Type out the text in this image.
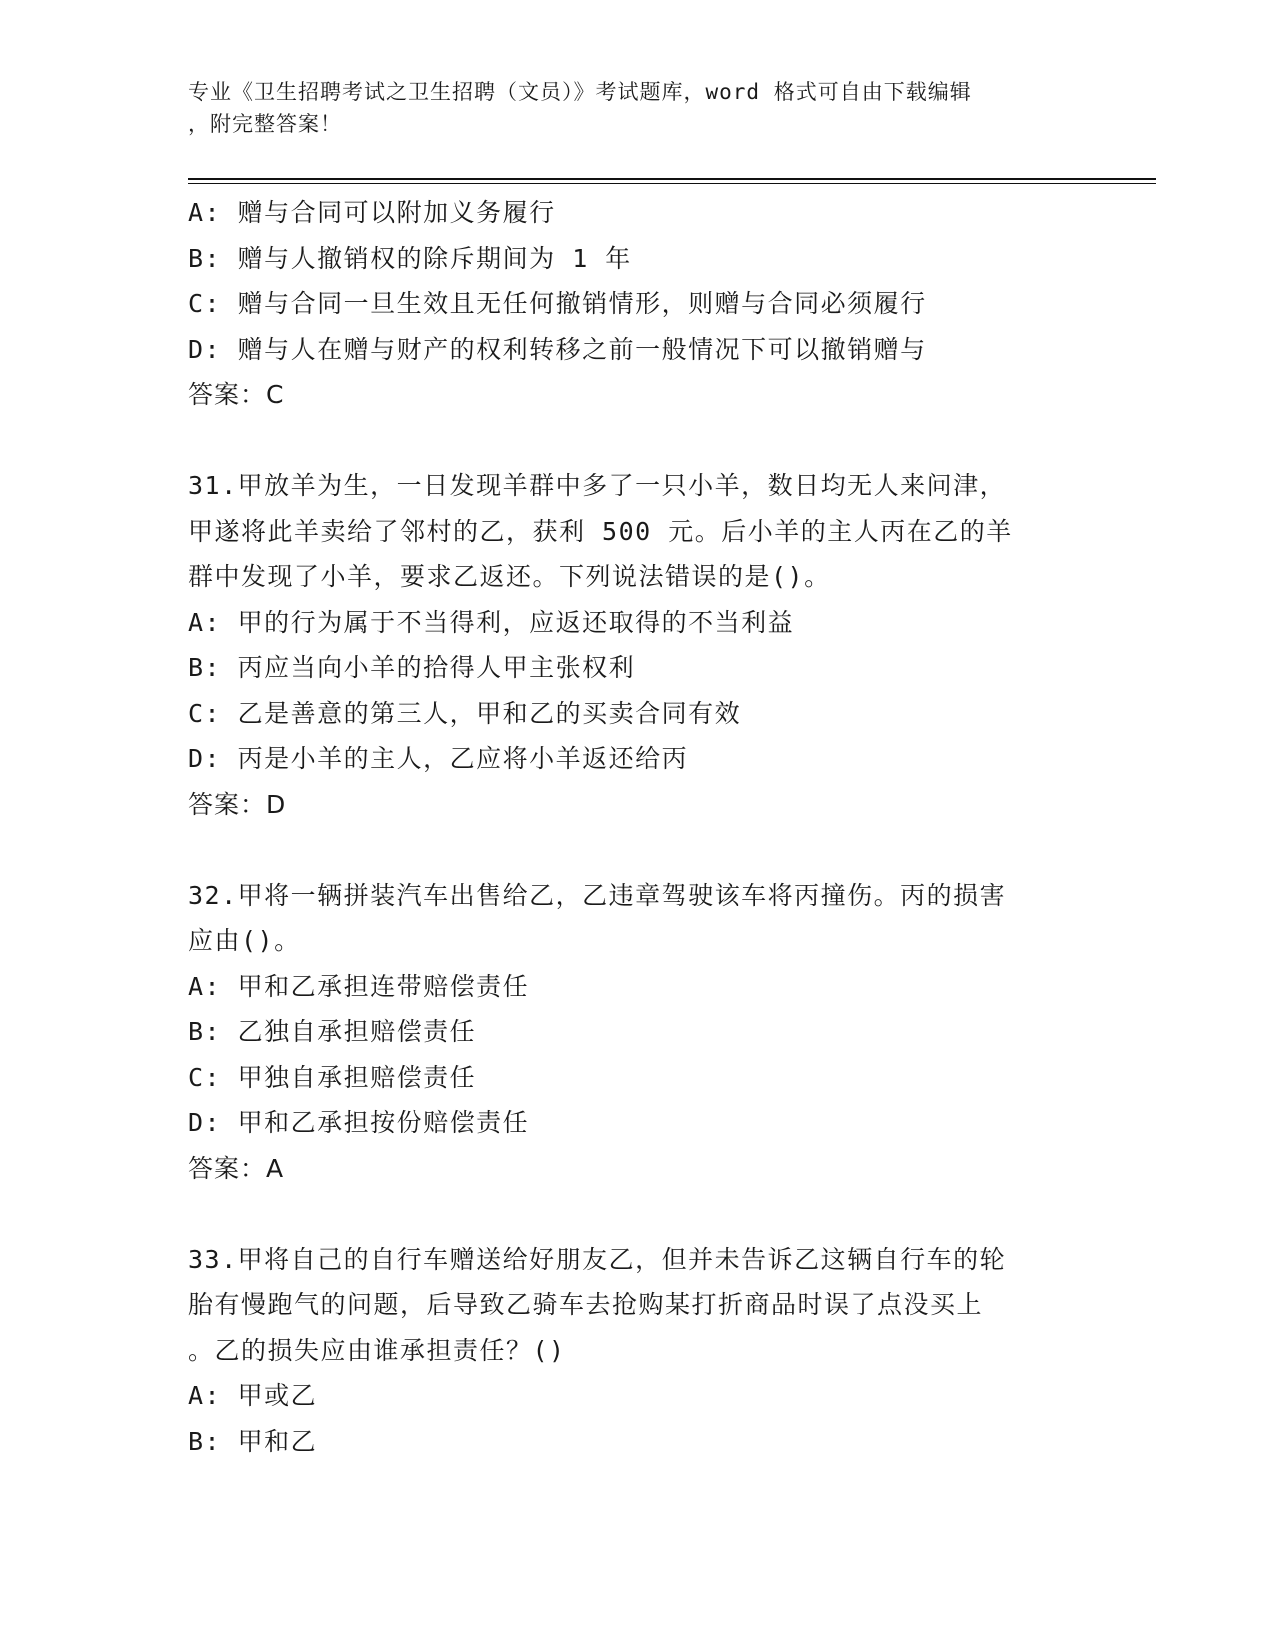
专业《卫生招聘考试之卫生招聘（文员）》考试题库，word 格式可自由下载编辑
，附完整答案！
A: 赠与合同可以附加义务履行
B: 赠与人撤销权的除斥期间为 1 年
C: 赠与合同一旦生效且无任何撤销情形，则赠与合同必须履行
D: 赠与人在赠与财产的权利转移之前一般情况下可以撤销赠与
答案：C
31.甲放羊为生，一日发现羊群中多了一只小羊，数日均无人来问津，
甲遂将此羊卖给了邻村的乙，获利 500 元。后小羊的主人丙在乙的羊
群中发现了小羊，要求乙返还。下列说法错误的是()。
A: 甲的行为属于不当得利，应返还取得的不当利益
B: 丙应当向小羊的拾得人甲主张权利
C: 乙是善意的第三人，甲和乙的买卖合同有效
D: 丙是小羊的主人，乙应将小羊返还给丙
答案：D
32.甲将一辆拼装汽车出售给乙，乙违章驾驶该车将丙撞伤。丙的损害
应由()。
A: 甲和乙承担连带赔偿责任
B: 乙独自承担赔偿责任
C: 甲独自承担赔偿责任
D: 甲和乙承担按份赔偿责任
答案：A
33.甲将自己的自行车赠送给好朋友乙，但并未告诉乙这辆自行车的轮
胎有慢跑气的问题，后导致乙骑车去抢购某打折商品时误了点没买上
。乙的损失应由谁承担责任？()
A: 甲或乙
B: 甲和乙
